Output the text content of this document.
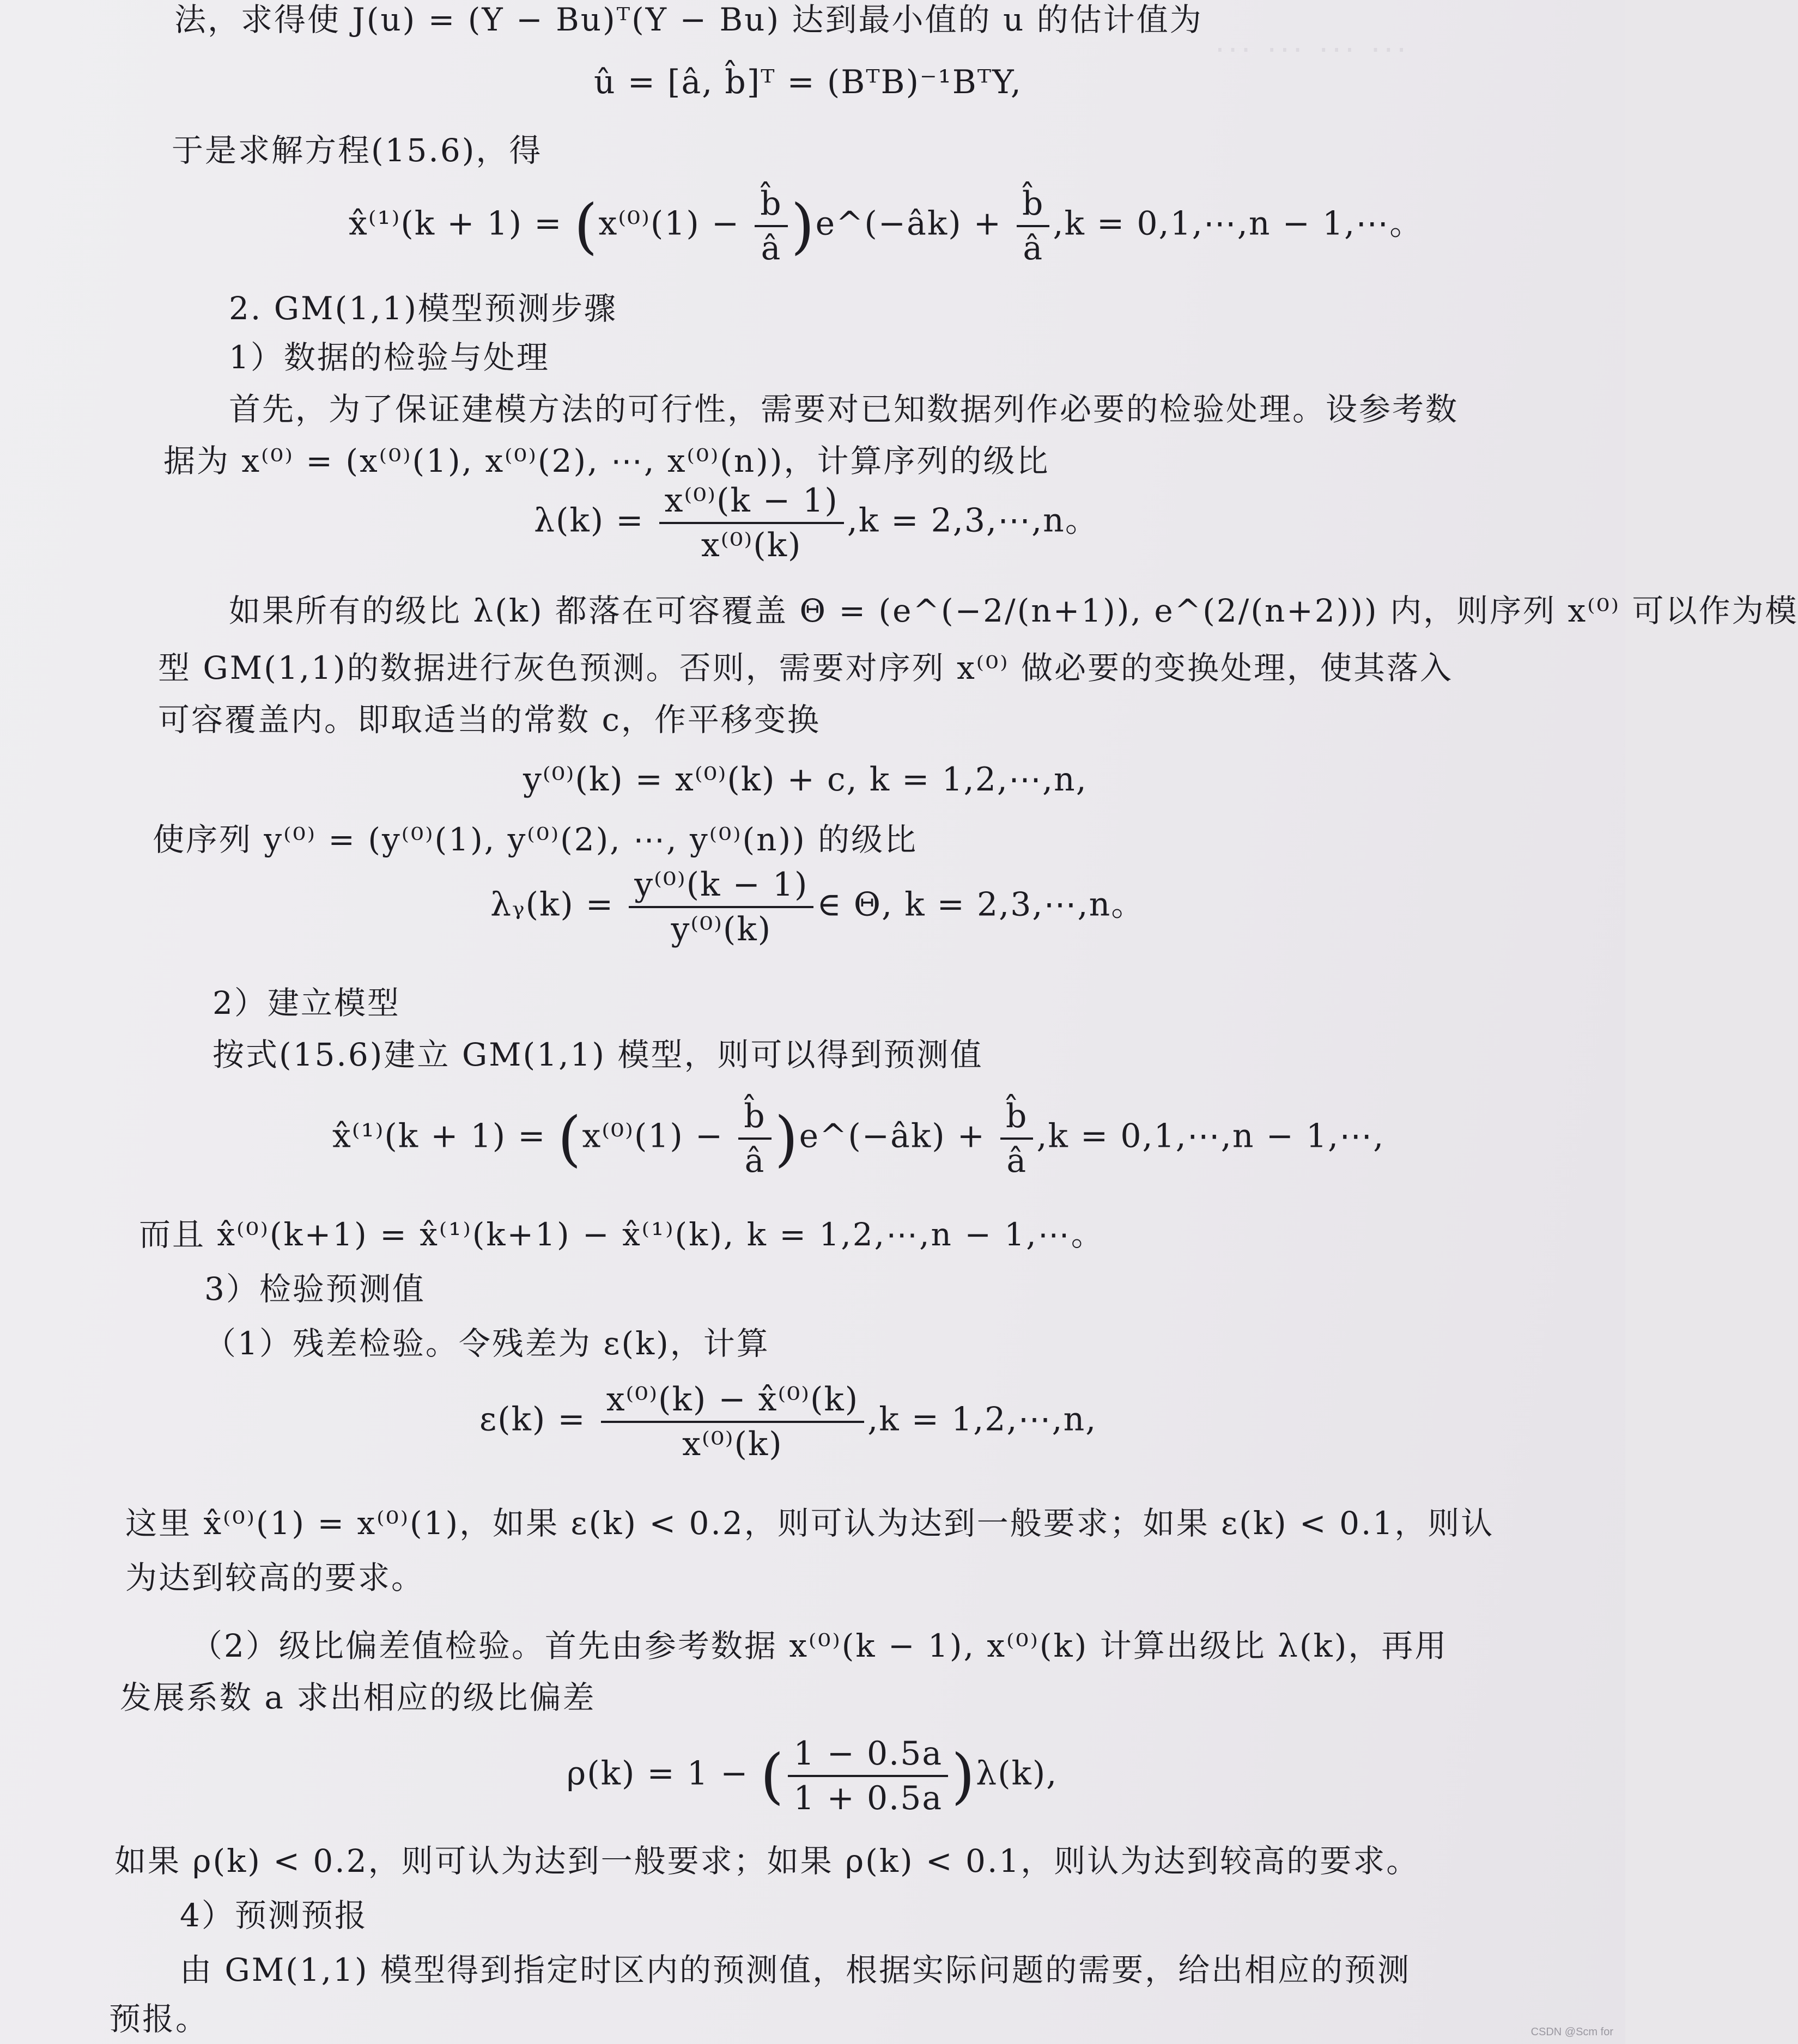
··· ··· ··· ···
法，求得使 J(u) = (Y − Bu)ᵀ(Y − Bu) 达到最小值的 u 的估计值为
û = [â, b̂]ᵀ = (BᵀB)⁻¹BᵀY,
于是求解方程(15.6)，得
x̂⁽¹⁾(k + $1) = (x^{(0)}(1) - \frac{b̂}{â}$ )e^(−âk) + $\frac{b̂}{â} ,k$ = 0,1,⋯,n − 1,⋯。
2. GM(1,1)模型预测步骤
1）数据的检验与处理
首先，为了保证建模方法的可行性，需要对已知数据列作必要的检验处理。设参考数
据为 x⁽⁰⁾ = (x⁽⁰⁾(1), x⁽⁰⁾(2), ⋯, x⁽⁰⁾(n))，计算序列的级比
$\lambda(k) = \frac{\text{x⁽⁰⁾(k − 1)}}{\text{x⁽⁰⁾(k)}} ,k$ = 2,3,⋯,n。
如果所有的级比 λ(k) 都落在可容覆盖 Θ = (e^(−2/(n+1)), e^(2/(n+2))) 内，则序列 x⁽⁰⁾ 可以作为模
型 GM(1,1)的数据进行灰色预测。否则，需要对序列 x⁽⁰⁾ 做必要的变换处理，使其落入
可容覆盖内。即取适当的常数 c，作平移变换
y⁽⁰⁾(k) = x⁽⁰⁾(k) + c, k = 1,2,⋯,n,
使序列 y⁽⁰⁾ = (y⁽⁰⁾(1), y⁽⁰⁾(2), ⋯, y⁽⁰⁾(n)) 的级比
λᵧ(k) = $\frac{\text{y⁽⁰⁾(k − 1)}}{\text{y⁽⁰⁾(k)}}$ ∈ Θ, k = 2,3,⋯,n。
2）建立模型
按式(15.6)建立 GM(1,1) 模型，则可以得到预测值
x̂⁽¹⁾(k + $1) = (x^{(0)}(1) - \frac{b̂}{â}$ )e^(−âk) + $\frac{b̂}{â} ,k$ = 0,1,⋯,n − 1,⋯,
而且 x̂⁽⁰⁾(k+1) = x̂⁽¹⁾(k+1) − x̂⁽¹⁾(k), k = 1,2,⋯,n − 1,⋯。
3）检验预测值
（1）残差检验。令残差为 ε(k)，计算
$\varepsilon(k) = \frac{\text{x⁽⁰⁾(k) − x̂⁽⁰⁾(k)}}{\text{x⁽⁰⁾(k)}} ,k$ = 1,2,⋯,n,
这里 x̂⁽⁰⁾(1) = x⁽⁰⁾(1)，如果 ε(k) < 0.2，则可认为达到一般要求；如果 ε(k) < 0.1，则认
为达到较高的要求。
（2）级比偏差值检验。首先由参考数据 x⁽⁰⁾(k − 1), x⁽⁰⁾(k) 计算出级比 λ(k)，再用
发展系数 a 求出相应的级比偏差
ρ(k) = 1 − ( $\frac{1 - 0.5a}{1 + 0.5a} )\lambda(k)$,
如果 ρ(k) < 0.2，则可认为达到一般要求；如果 ρ(k) < 0.1，则认为达到较高的要求。
4）预测预报
由 GM(1,1) 模型得到指定时区内的预测值，根据实际问题的需要，给出相应的预测
预报。	CSDN @Scm for
